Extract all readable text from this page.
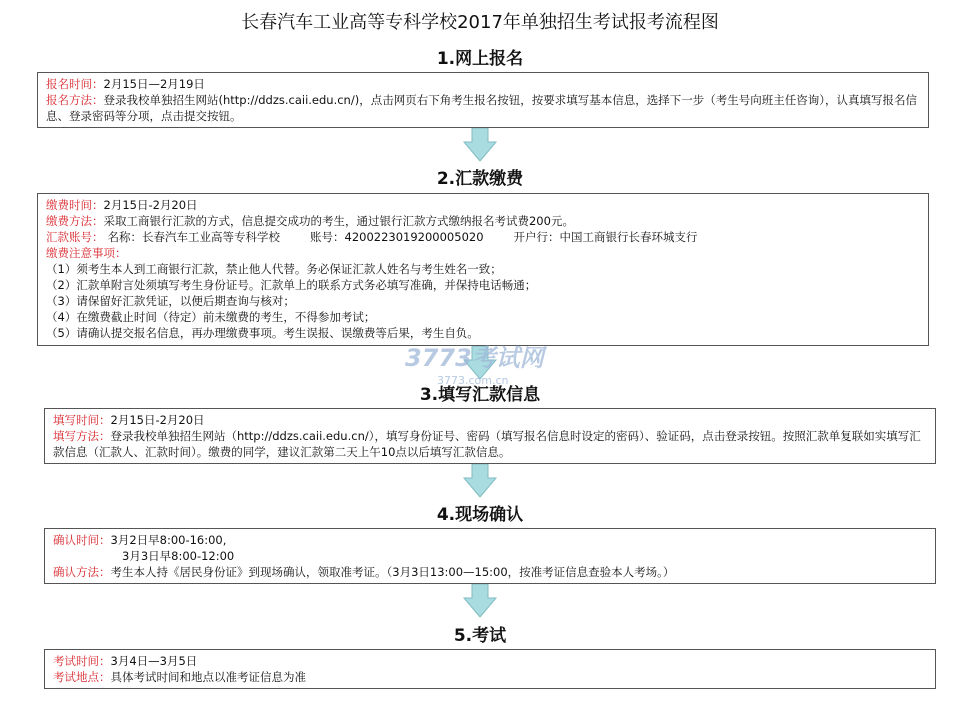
长春汽车工业高等专科学校2017年单独招生考试报考流程图
1.网上报名
报名时间：2月15日—2月19日
报名方法：登录我校单独招生网站(http://ddzs.caii.edu.cn/)，点击网页右下角考生报名按钮，按要求填写基本信息，选择下一步（考生号向班主任咨询），认真填写报名信息、登录密码等分项，点击提交按钮。
2.汇款缴费
缴费时间：2月15日-2月20日
缴费方法：采取工商银行汇款的方式，信息提交成功的考生，通过银行汇款方式缴纳报名考试费200元。
汇款账号： 名称：长春汽车工业高等专科学校	账号：4200223019200005020	开户行：中国工商银行长春环城支行
缴费注意事项：
（1）须考生本人到工商银行汇款，禁止他人代替。务必保证汇款人姓名与考生姓名一致；
（2）汇款单附言处须填写考生身份证号。汇款单上的联系方式务必填写准确，并保持电话畅通；
（3）请保留好汇款凭证，以便后期查询与核对；
（4）在缴费截止时间（待定）前未缴费的考生，不得参加考试；
（5）请确认提交报名信息，再办理缴费事项。考生误报、误缴费等后果，考生自负。
3773考试网
3773.com.cn
3.填写汇款信息
填写时间：2月15日-2月20日
填写方法：登录我校单独招生网站（http://ddzs.caii.edu.cn/），填写身份证号、密码（填写报名信息时设定的密码）、验证码，点击登录按钮。按照汇款单复联如实填写汇款信息（汇款人、汇款时间）。缴费的同学，建议汇款第二天上午10点以后填写汇款信息。
4.现场确认
确认时间：3月2日早8:00-16:00,
3月3日早8:00-12:00
确认方法：考生本人持《居民身份证》到现场确认，领取准考证。（3月3日13:00—15:00，按准考证信息查验本人考场。）
5.考试
考试时间：3月4日—3月5日
考试地点：具体考试时间和地点以准考证信息为准
